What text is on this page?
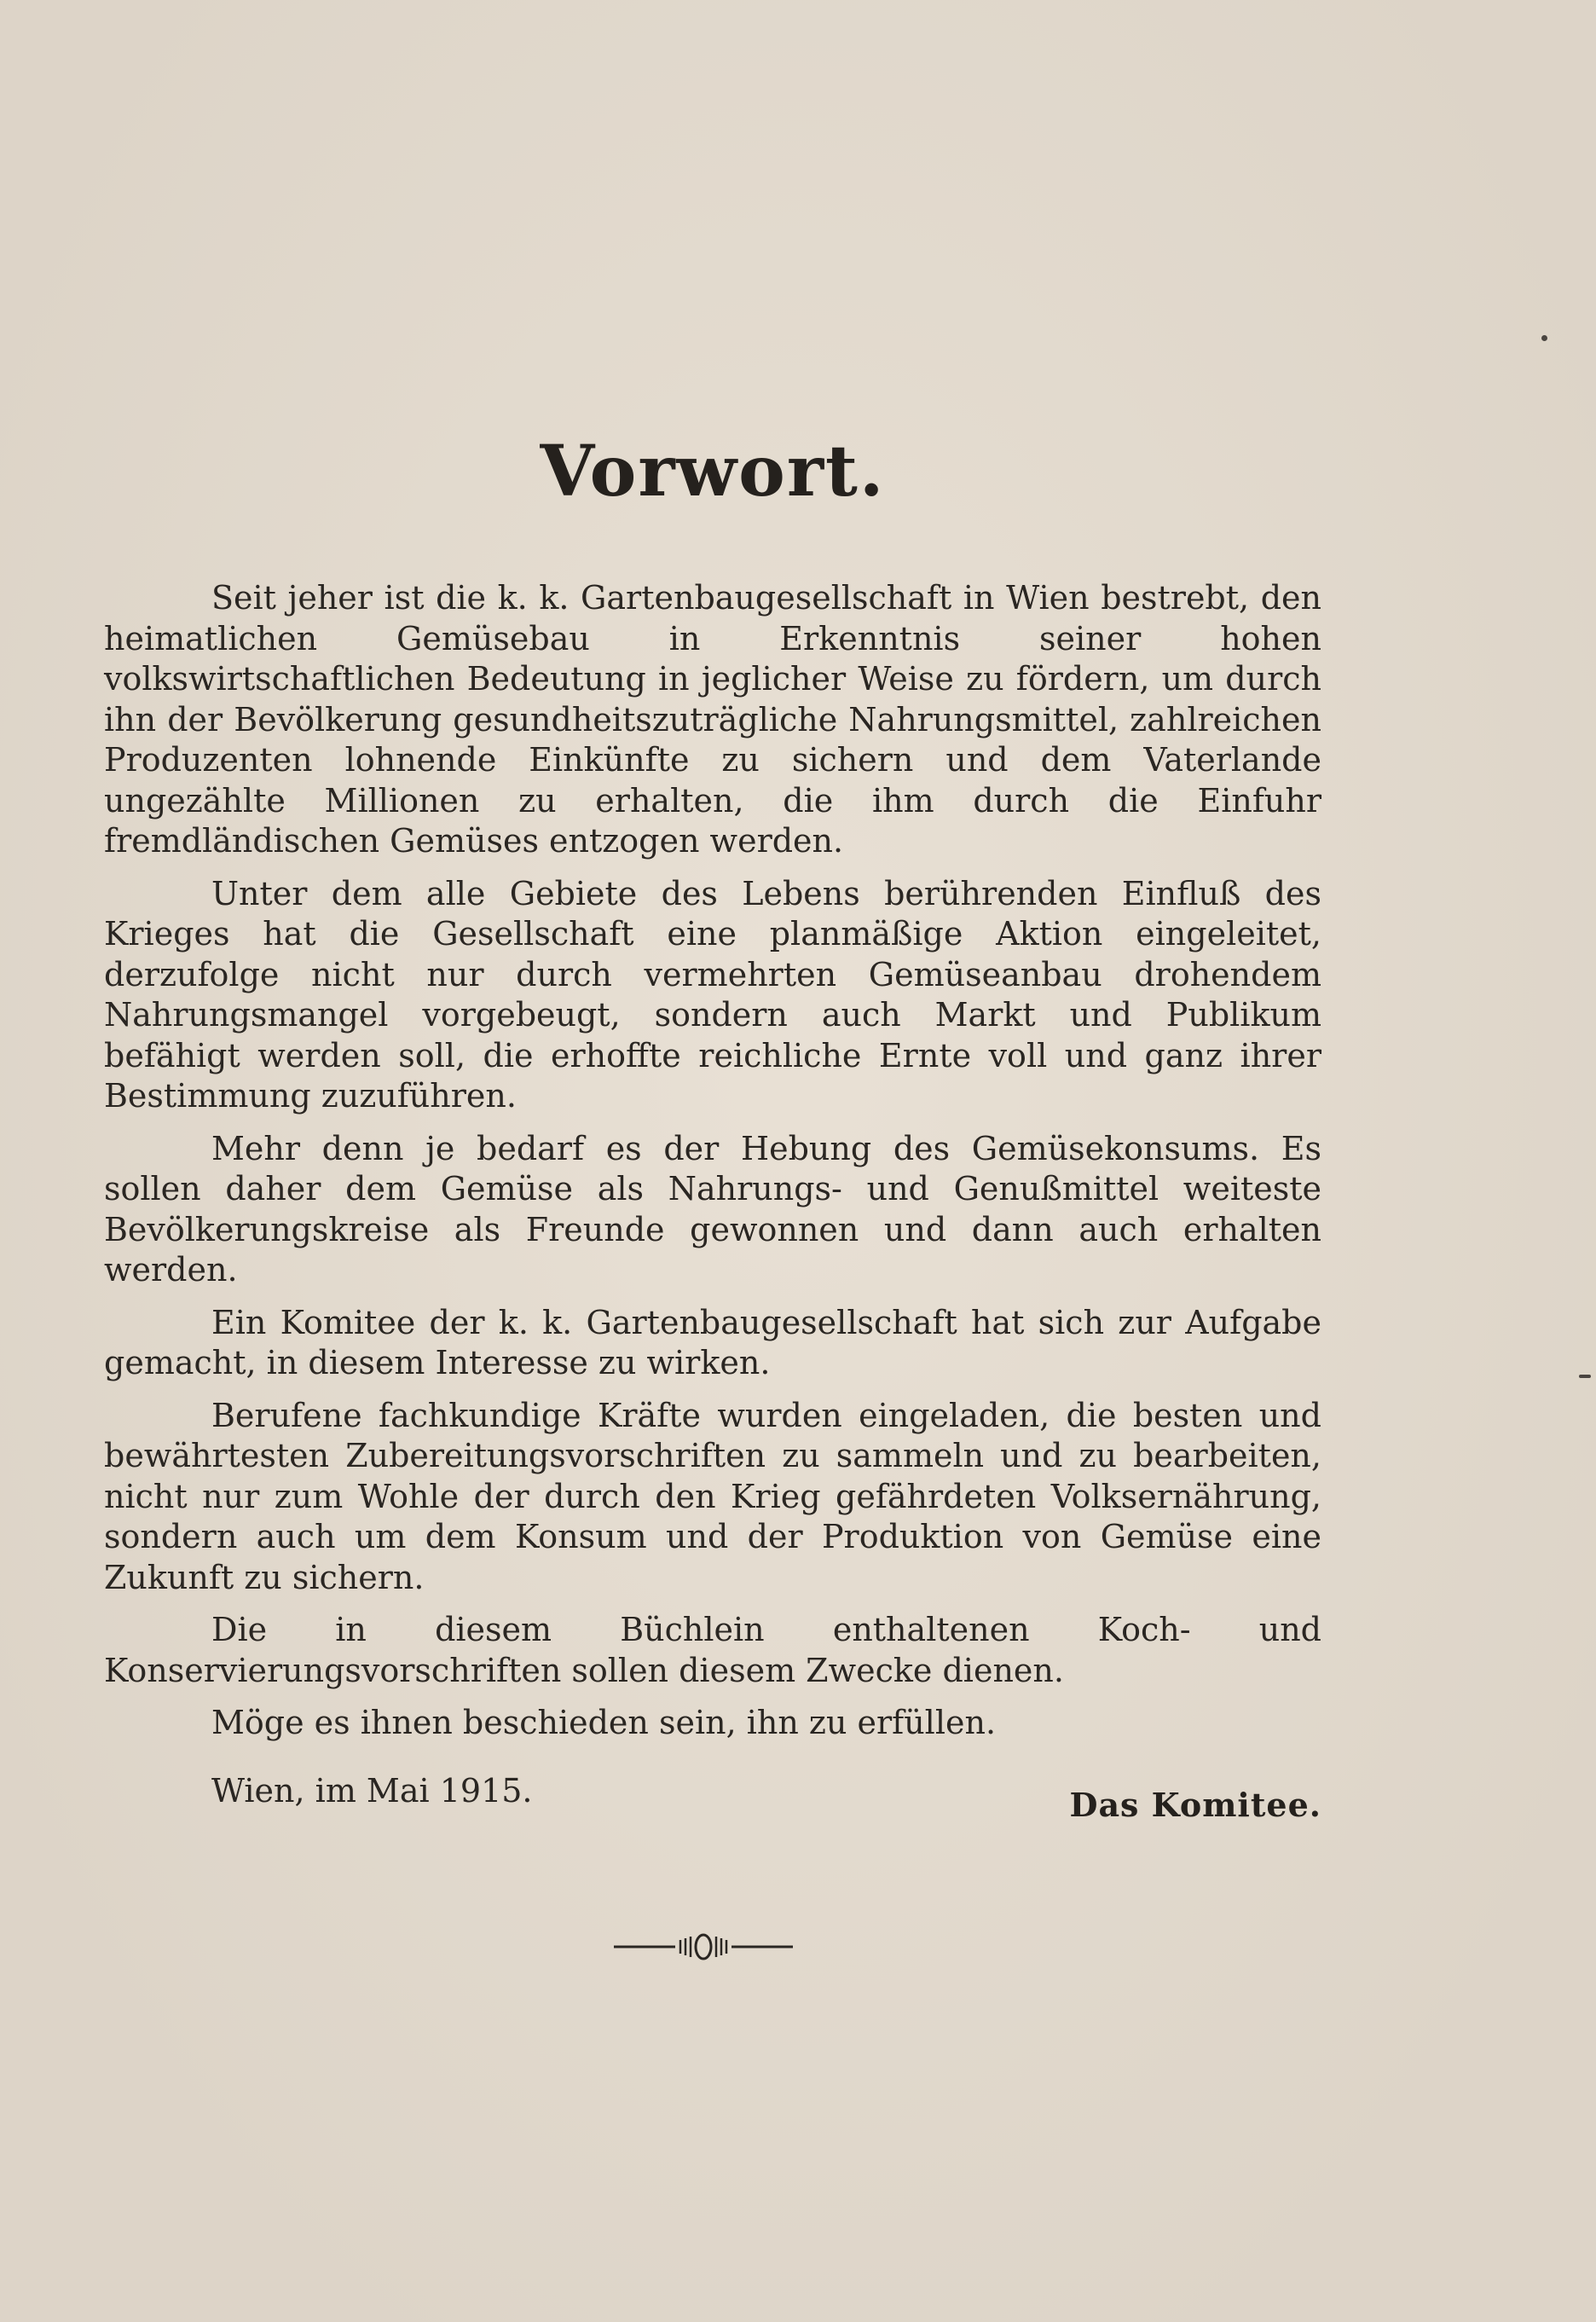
Vorwort.

Seit jeher ist die k. k. Gartenbaugesellschaft in Wien bestrebt, den heimatlichen Gemüsebau in Erkenntnis seiner hohen volkswirtschaftlichen Bedeutung in jeglicher Weise zu fördern, um durch ihn der Bevölkerung gesundheitszuträgliche Nahrungsmittel, zahlreichen Produzenten lohnende Einkünfte zu sichern und dem Vaterlande ungezählte Millionen zu erhalten, die ihm durch die Einfuhr fremdländischen Gemüses entzogen werden.

Unter dem alle Gebiete des Lebens berührenden Einfluß des Krieges hat die Gesellschaft eine planmäßige Aktion eingeleitet, derzufolge nicht nur durch vermehrten Gemüseanbau drohendem Nahrungsmangel vorgebeugt, sondern auch Markt und Publikum befähigt werden soll, die erhoffte reichliche Ernte voll und ganz ihrer Bestimmung zuzuführen.

Mehr denn je bedarf es der Hebung des Gemüsekonsums. Es sollen daher dem Gemüse als Nahrungs- und Genußmittel weiteste Bevölkerungskreise als Freunde gewonnen und dann auch erhalten werden.

Ein Komitee der k. k. Gartenbaugesellschaft hat sich zur Aufgabe gemacht, in diesem Interesse zu wirken.

Berufene fachkundige Kräfte wurden eingeladen, die besten und bewährtesten Zubereitungsvorschriften zu sammeln und zu bearbeiten, nicht nur zum Wohle der durch den Krieg gefährdeten Volksernährung, sondern auch um dem Konsum und der Produktion von Gemüse eine Zukunft zu sichern.

Die in diesem Büchlein enthaltenen Koch- und Konservierungsvorschriften sollen diesem Zwecke dienen.

Möge es ihnen beschieden sein, ihn zu erfüllen.

Wien, im Mai 1915.	Das Komitee.
